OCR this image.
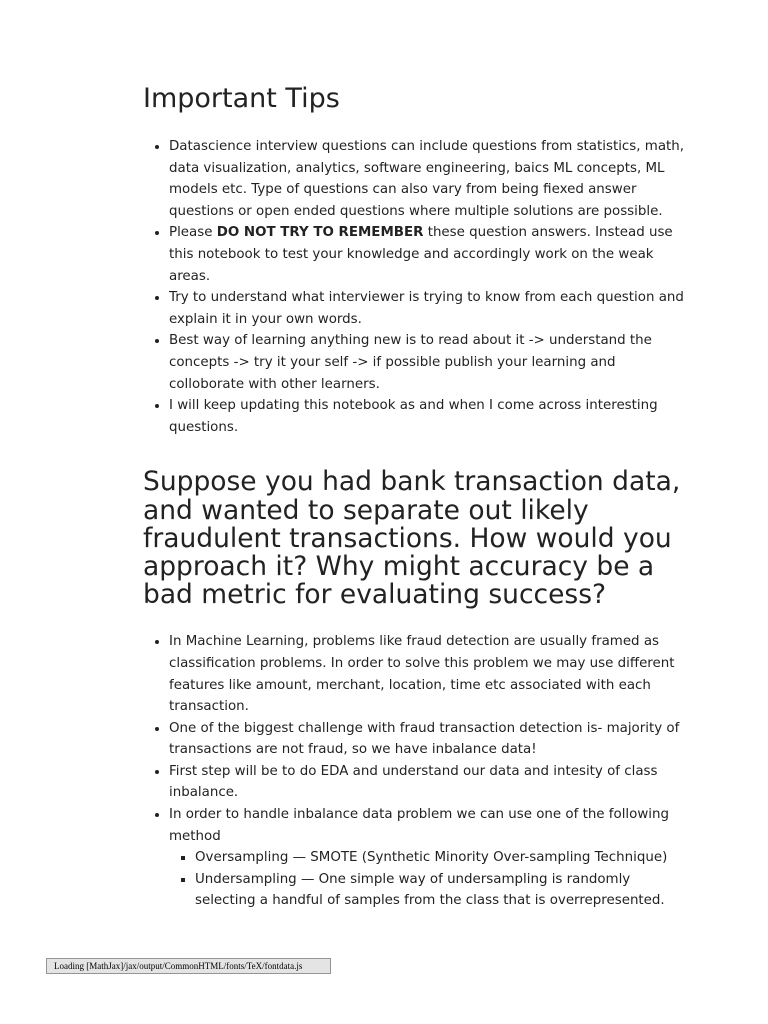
Important Tips
• Datascience interview questions can include questions from statistics, math, data visualization, analytics, software engineering, baics ML concepts, ML models etc. Type of questions can also vary from being fiexed answer questions or open ended questions where multiple solutions are possible.
• Please DO NOT TRY TO REMEMBER these question answers. Instead use this notebook to test your knowledge and accordingly work on the weak areas.
• Try to understand what interviewer is trying to know from each question and explain it in your own words.
• Best way of learning anything new is to read about it -> understand the concepts -> try it your self -> if possible publish your learning and colloborate with other learners.
• I will keep updating this notebook as and when I come across interesting questions.
Suppose you had bank transaction data, and wanted to separate out likely fraudulent transactions. How would you approach it? Why might accuracy be a bad metric for evaluating success?
• In Machine Learning, problems like fraud detection are usually framed as classification problems. In order to solve this problem we may use different features like amount, merchant, location, time etc associated with each transaction.
• One of the biggest challenge with fraud transaction detection is- majority of transactions are not fraud, so we have inbalance data!
• First step will be to do EDA and understand our data and intesity of class inbalance.
• In order to handle inbalance data problem we can use one of the following method
▪ Oversampling — SMOTE (Synthetic Minority Over-sampling Technique)
▪ Undersampling — One simple way of undersampling is randomly selecting a handful of samples from the class that is overrepresented.
Loading [MathJax]/jax/output/CommonHTML/fonts/TeX/fontdata.js
